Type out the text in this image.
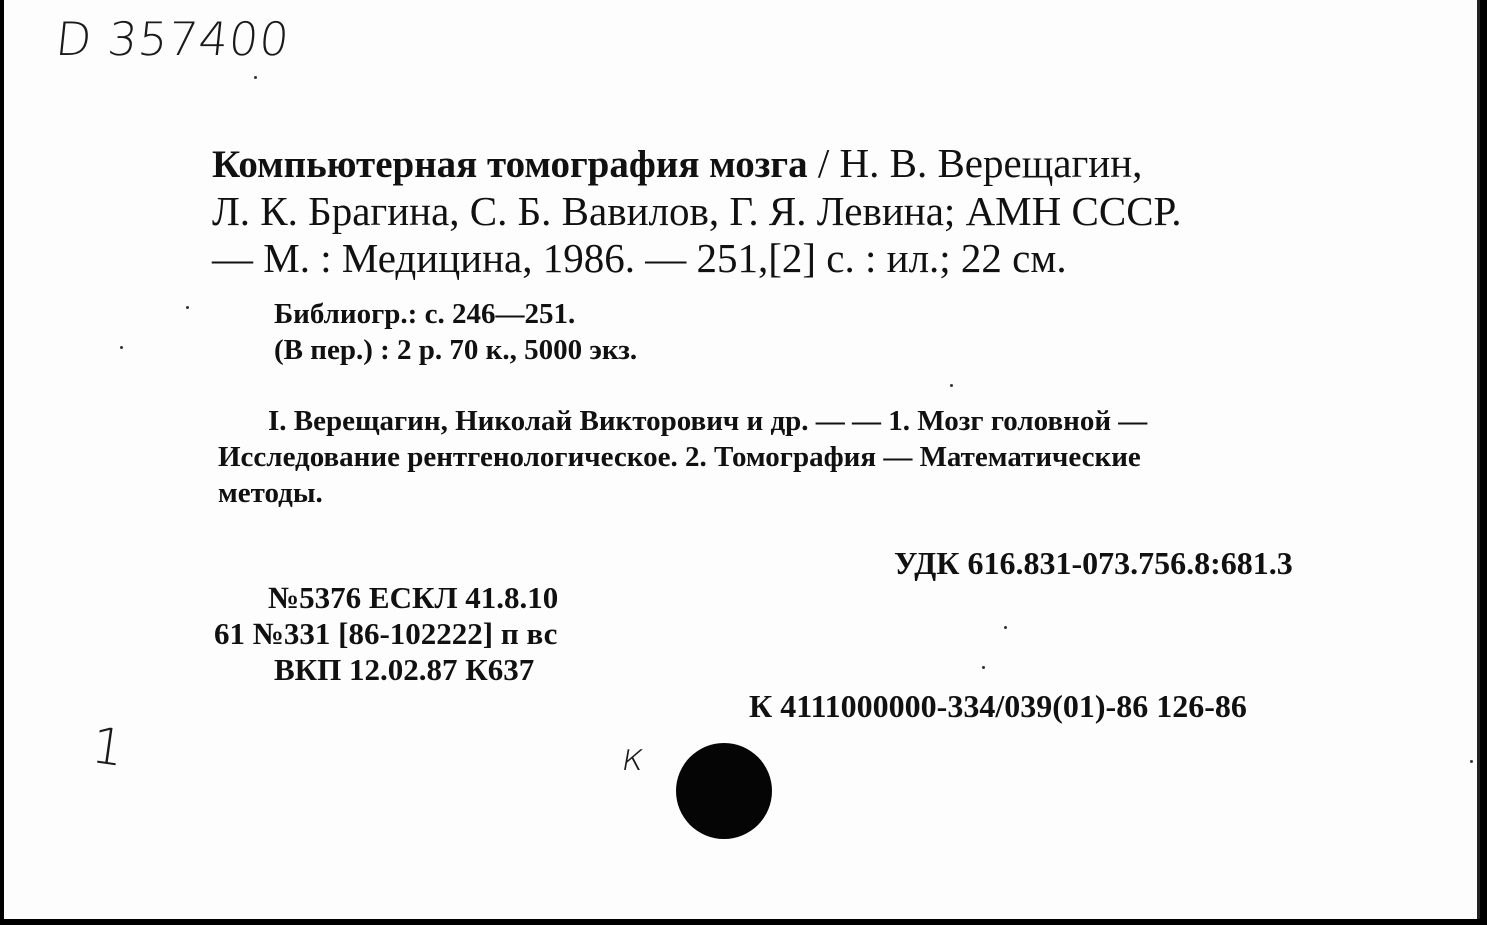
D 357400
Компьютерная томография мозга / Н. В. Верещагин,
Л. К. Брагина, С. Б. Вавилов, Г. Я. Левина; АМН СССР.
— М. : Медицина, 1986. — 251,[2] с. : ил.; 22 см.
Библиогр.: с. 246—251.
(В пер.) : 2 р. 70 к., 5000 экз.
I. Верещагин, Николай Викторович и др. — — 1. Мозг головной —
Исследование рентгенологическое. 2. Томография — Математические
методы.
УДК 616.831-073.756.8:681.3
№5376 ЕСКЛ 41.8.10
61 №331 [86-102222] п вс
ВКП 12.02.87 К637
К 4111000000-334/039(01)-86 126-86
1	к
